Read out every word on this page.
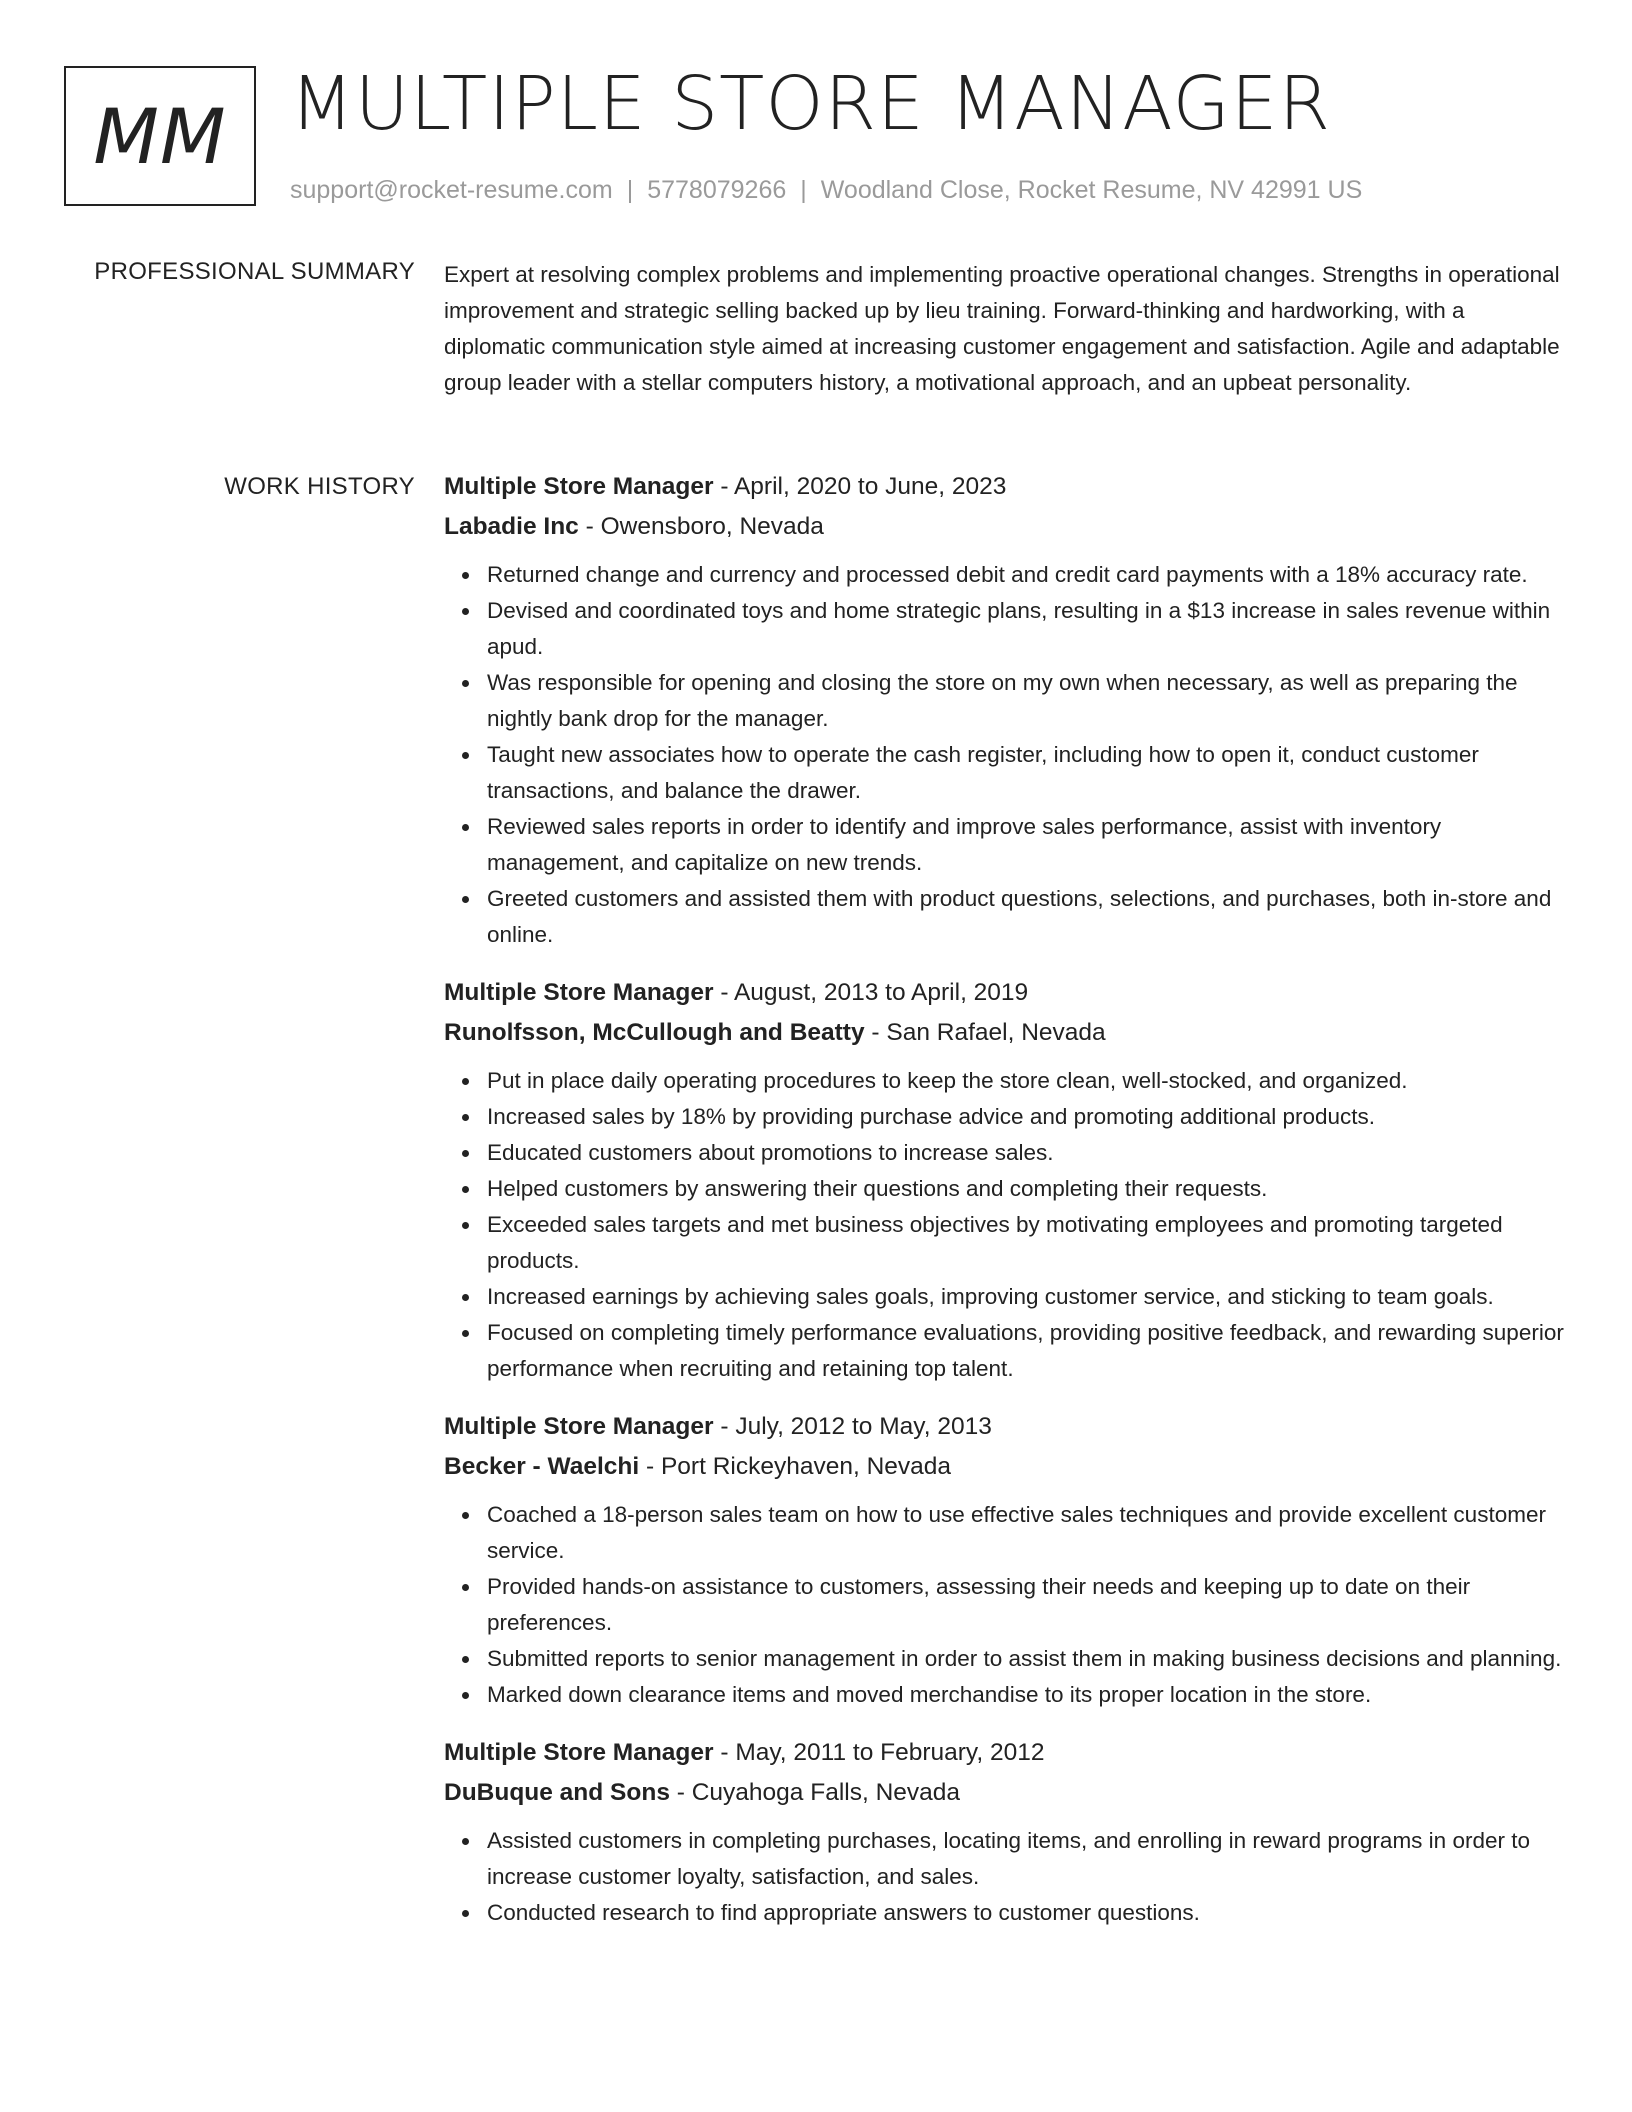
MM MULTIPLE STORE MANAGER
support@rocket-resume.com | 5778079266 | Woodland Close, Rocket Resume, NV 42991 US
PROFESSIONAL SUMMARY Expert at resolving complex problems and implementing proactive operational changes. Strengths in operational improvement and strategic selling backed up by lieu training. Forward-thinking and hardworking, with a diplomatic communication style aimed at increasing customer engagement and satisfaction. Agile and adaptable group leader with a stellar computers history, a motivational approach, and an upbeat personality.

WORK HISTORY Multiple Store Manager - April, 2020 to June, 2023
Labadie Inc - Owensboro, Nevada
Returned change and currency and processed debit and credit card payments with a 18% accuracy rate.
Devised and coordinated toys and home strategic plans, resulting in a $13 increase in sales revenue within apud.
Was responsible for opening and closing the store on my own when necessary, as well as preparing the nightly bank drop for the manager.
Taught new associates how to operate the cash register, including how to open it, conduct customer transactions, and balance the drawer.
Reviewed sales reports in order to identify and improve sales performance, assist with inventory management, and capitalize on new trends.
Greeted customers and assisted them with product questions, selections, and purchases, both in-store and online.
Multiple Store Manager - August, 2013 to April, 2019
Runolfsson, McCullough and Beatty - San Rafael, Nevada
Put in place daily operating procedures to keep the store clean, well-stocked, and organized.
Increased sales by 18% by providing purchase advice and promoting additional products.
Educated customers about promotions to increase sales.
Helped customers by answering their questions and completing their requests.
Exceeded sales targets and met business objectives by motivating employees and promoting targeted products.
Increased earnings by achieving sales goals, improving customer service, and sticking to team goals.
Focused on completing timely performance evaluations, providing positive feedback, and rewarding superior performance when recruiting and retaining top talent.
Multiple Store Manager - July, 2012 to May, 2013
Becker - Waelchi - Port Rickeyhaven, Nevada
Coached a 18-person sales team on how to use effective sales techniques and provide excellent customer service.
Provided hands-on assistance to customers, assessing their needs and keeping up to date on their preferences.
Submitted reports to senior management in order to assist them in making business decisions and planning.
Marked down clearance items and moved merchandise to its proper location in the store.
Multiple Store Manager - May, 2011 to February, 2012
DuBuque and Sons - Cuyahoga Falls, Nevada
Assisted customers in completing purchases, locating items, and enrolling in reward programs in order to increase customer loyalty, satisfaction, and sales.
Conducted research to find appropriate answers to customer questions.
